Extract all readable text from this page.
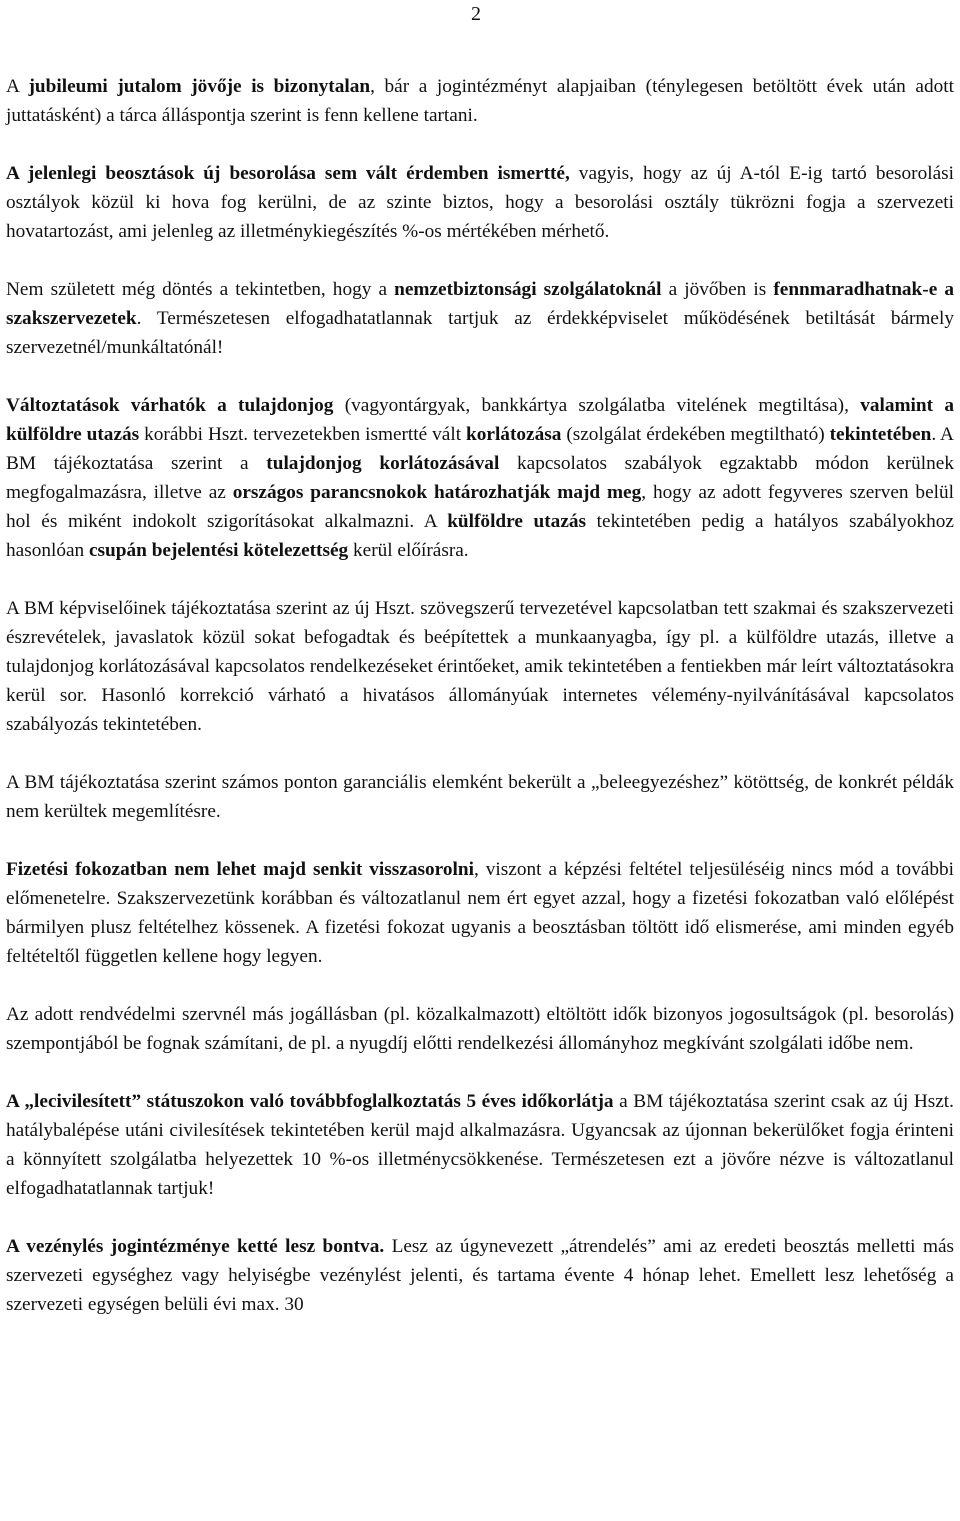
2

A jubileumi jutalom jövője is bizonytalan, bár a jogintézményt alapjaiban (ténylegesen betöltött évek után adott juttatásként) a tárca álláspontja szerint is fenn kellene tartani.

A jelenlegi beosztások új besorolása sem vált érdemben ismertté, vagyis, hogy az új A-tól E-ig tartó besorolási osztályok közül ki hova fog kerülni, de az szinte biztos, hogy a besorolási osztály tükrözni fogja a szervezeti hovatartozást, ami jelenleg az illetménykiegészítés %-os mértékében mérhető.

Nem született még döntés a tekintetben, hogy a nemzetbiztonsági szolgálatoknál a jövőben is fennmaradhatnak-e a szakszervezetek. Természetesen elfogadhatatlannak tartjuk az érdekképviselet működésének betiltását bármely szervezetnél/munkáltatónál!

Változtatások várhatók a tulajdonjog (vagyontárgyak, bankkártya szolgálatba vitelének megtiltása), valamint a külföldre utazás korábbi Hszt. tervezetekben ismertté vált korlátozása (szolgálat érdekében megtiltható) tekintetében. A BM tájékoztatása szerint a tulajdonjog korlátozásával kapcsolatos szabályok egzaktabb módon kerülnek megfogalmazásra, illetve az országos parancsnokok határozhatják majd meg, hogy az adott fegyveres szerven belül hol és miként indokolt szigorításokat alkalmazni. A külföldre utazás tekintetében pedig a hatályos szabályokhoz hasonlóan csupán bejelentési kötelezettség kerül előírásra.

A BM képviselőinek tájékoztatása szerint az új Hszt. szövegszerű tervezetével kapcsolatban tett szakmai és szakszervezeti észrevételek, javaslatok közül sokat befogadtak és beépítettek a munkaanyagba, így pl. a külföldre utazás, illetve a tulajdonjog korlátozásával kapcsolatos rendelkezéseket érintőeket, amik tekintetében a fentiekben már leírt változtatásokra kerül sor. Hasonló korrekció várható a hivatásos állományúak internetes vélemény-nyilvánításával kapcsolatos szabályozás tekintetében.

A BM tájékoztatása szerint számos ponton garanciális elemként bekerült a „beleegyezéshez” kötöttség, de konkrét példák nem kerültek megemlítésre.

Fizetési fokozatban nem lehet majd senkit visszasorolni, viszont a képzési feltétel teljesüléséig nincs mód a további előmenetelre. Szakszervezetünk korábban és változatlanul nem ért egyet azzal, hogy a fizetési fokozatban való előlépést bármilyen plusz feltételhez kössenek. A fizetési fokozat ugyanis a beosztásban töltött idő elismerése, ami minden egyéb feltételtől független kellene hogy legyen.

Az adott rendvédelmi szervnél más jogállásban (pl. közalkalmazott) eltöltött idők bizonyos jogosultságok (pl. besorolás) szempontjából be fognak számítani, de pl. a nyugdíj előtti rendelkezési állományhoz megkívánt szolgálati időbe nem.

A „lecivilesített” státuszokon való továbbfoglalkoztatás 5 éves időkorlátja a BM tájékoztatása szerint csak az új Hszt. hatálybalépése utáni civilesítések tekintetében kerül majd alkalmazásra. Ugyancsak az újonnan bekerülőket fogja érinteni a könnyített szolgálatba helyezettek 10 %-os illetménycsökkenése. Természetesen ezt a jövőre nézve is változatlanul elfogadhatatlannak tartjuk!

A vezénylés jogintézménye ketté lesz bontva. Lesz az úgynevezett „átrendelés” ami az eredeti beosztás melletti más szervezeti egységhez vagy helyiségbe vezénylést jelenti, és tartama évente 4 hónap lehet. Emellett lesz lehetőség a szervezeti egységen belüli évi max. 30
